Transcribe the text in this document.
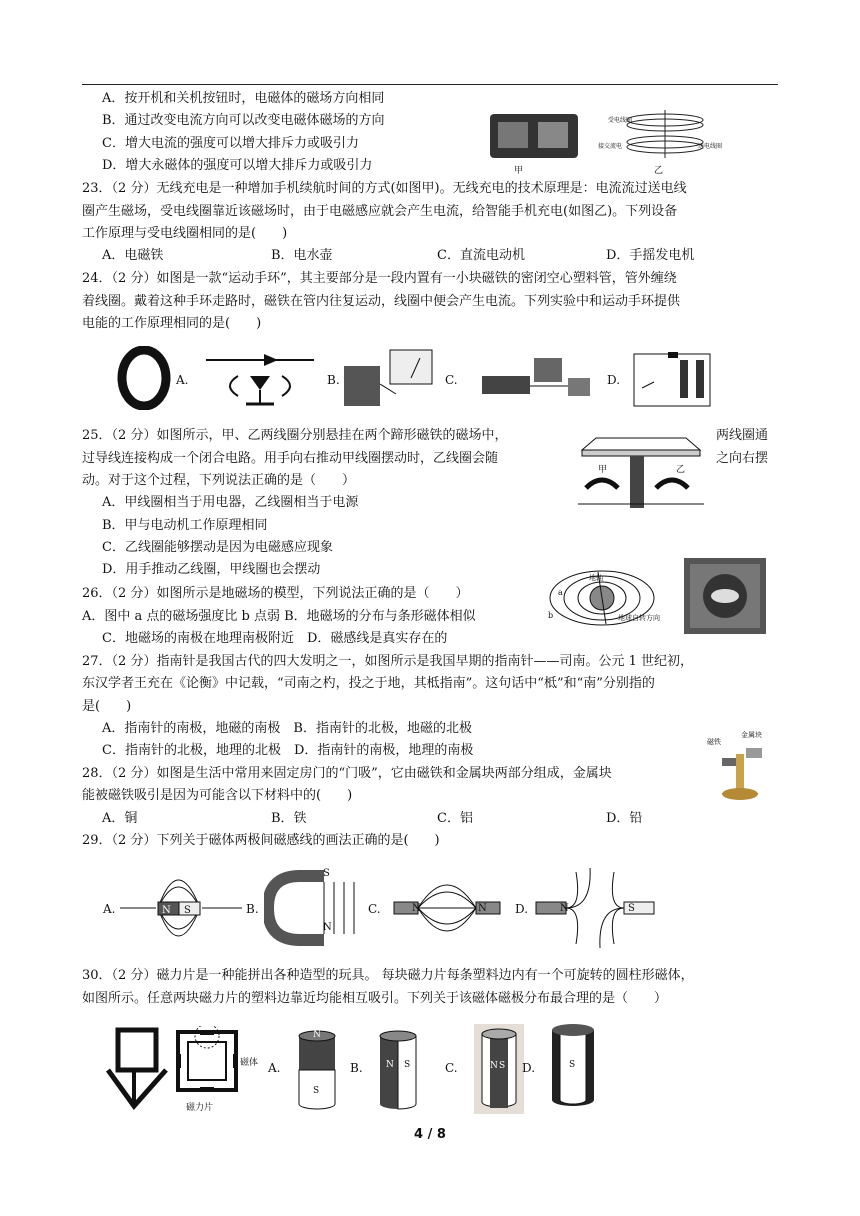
A．按开机和关机按钮时，电磁体的磁场方向相同
B．通过改变电流方向可以改变电磁体磁场的方向
C．增大电流的强度可以增大排斥力或吸引力
D．增大永磁体的强度可以增大排斥力或吸引力	甲
受电线圈
接交流电	送电线圈
乙
23．（2 分）无线充电是一种增加手机续航时间的方式(如图甲)。无线充电的技术原理是：电流流过送电线
圈产生磁场，受电线圈靠近该磁场时，由于电磁感应就会产生电流，给智能手机充电(如图乙)。下列设备
工作原理与受电线圈相同的是(　　)
A．电磁铁	B．电水壶	C．直流电动机	D．手摇发电机
24．（2 分）如图是一款“运动手环”，其主要部分是一段内置有一小块磁铁的密闭空心塑料管，管外缠绕
着线圈。戴着这种手环走路时，磁铁在管内往复运动，线圈中便会产生电流。下列实验中和运动手环提供
电能的工作原理相同的是(　　)
A.	B.	C.	D.
25．（2 分）如图所示，甲、乙两线圈分别悬挂在两个蹄形磁铁的磁场中，
过导线连接构成一个闭合电路。用手向右推动甲线圈摆动时，乙线圈会随
动。对于这个过程，下列说法正确的是（　　）
两线圈通
之向右摆
A．甲线圈相当于用电器，乙线圈相当于电源
B．甲与电动机工作原理相同
C．乙线圈能够摆动是因为电磁感应现象
D．用手推动乙线圈，甲线圈也会摆动
甲	乙
26．（2 分）如图所示是地磁场的模型，下列说法正确的是（　　）
A．图中 a 点的磁场强度比 b 点弱 B．地磁场的分布与条形磁体相似
C．地磁场的南极在地理南极附近　D．磁感线是真实存在的
地轴
a
b	地球自转方向
27．（2 分）指南针是我国古代的四大发明之一，如图所示是我国早期的指南针——司南。公元 1 世纪初，
东汉学者王充在《论衡》中记载，“司南之杓，投之于地，其柢指南”。这句话中“柢”和“南”分别指的
是(　　)
A．指南针的南极，地磁的南极　B．指南针的北极，地磁的北极
C．指南针的北极，地理的北极　D．指南针的南极，地理的南极
28．（2 分）如图是生活中常用来固定房门的“门吸”，它由磁铁和金属块两部分组成，金属块
能被磁铁吸引是因为可能含以下材料中的(　　)
A．铜	B．铁	C．铝	D．铅
磁铁
金属块
29．（2 分）下列关于磁体两极间磁感线的画法正确的是(　　)
A.	N S	B.
S
N
C.	N	N D.	N	S
30．（2 分）磁力片是一种能拼出各种造型的玩具。 每块磁力片每条塑料边内有一个可旋转的圆柱形磁体，
如图所示。任意两块磁力片的塑料边靠近均能相互吸引。下列关于该磁体磁极分布最合理的是（　　）
磁体
磁力片
A.
N
S
B.	N S	C.	N S D.	S
4 / 8
